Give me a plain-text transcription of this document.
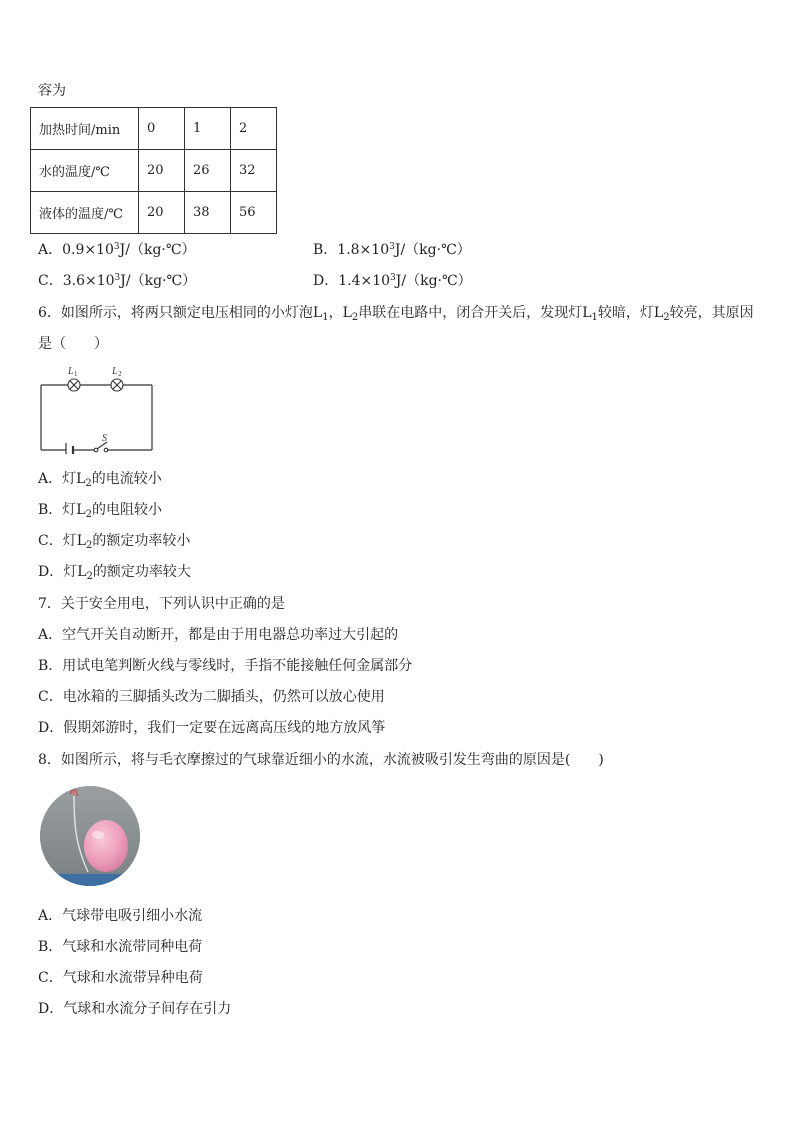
容为
加热时间/min	0	1	2
水的温度/℃	20	26	32
液体的温度/℃	20	38	56
A．$0.9\times 10^3J/(kg\cdot℃)$	B．$1.8\times 10^3J/(kg\cdot℃)$
C．$3.6\times 10^3J/(kg\cdot℃)$	D．$1.4\times 10^3J/(kg\cdot℃)$
6．如图所示，将两只额定电压相同的小灯泡$L_1$，$L_2$串联在电路中，闭合开关后，发现灯$L_1$较暗，灯$L_2$较亮，其原因
是（　　）
L 1	L 2
S
A．灯$L_2$的电流较小
B．灯$L_2$的电阻较小
C．灯$L_2$的额定功率较小
D．灯$L_2$的额定功率较大
7．关于安全用电，下列认识中正确的是
A．空气开关自动断开，都是由于用电器总功率过大引起的
B．用试电笔判断火线与零线时，手指不能接触任何金属部分
C．电冰箱的三脚插头改为二脚插头，仍然可以放心使用
D．假期郊游时，我们一定要在远离高压线的地方放风筝
8．如图所示，将与毛衣摩擦过的气球靠近细小的水流，水流被吸引发生弯曲的原因是(　　)
A．气球带电吸引细小水流
B．气球和水流带同种电荷
C．气球和水流带异种电荷
D．气球和水流分子间存在引力
